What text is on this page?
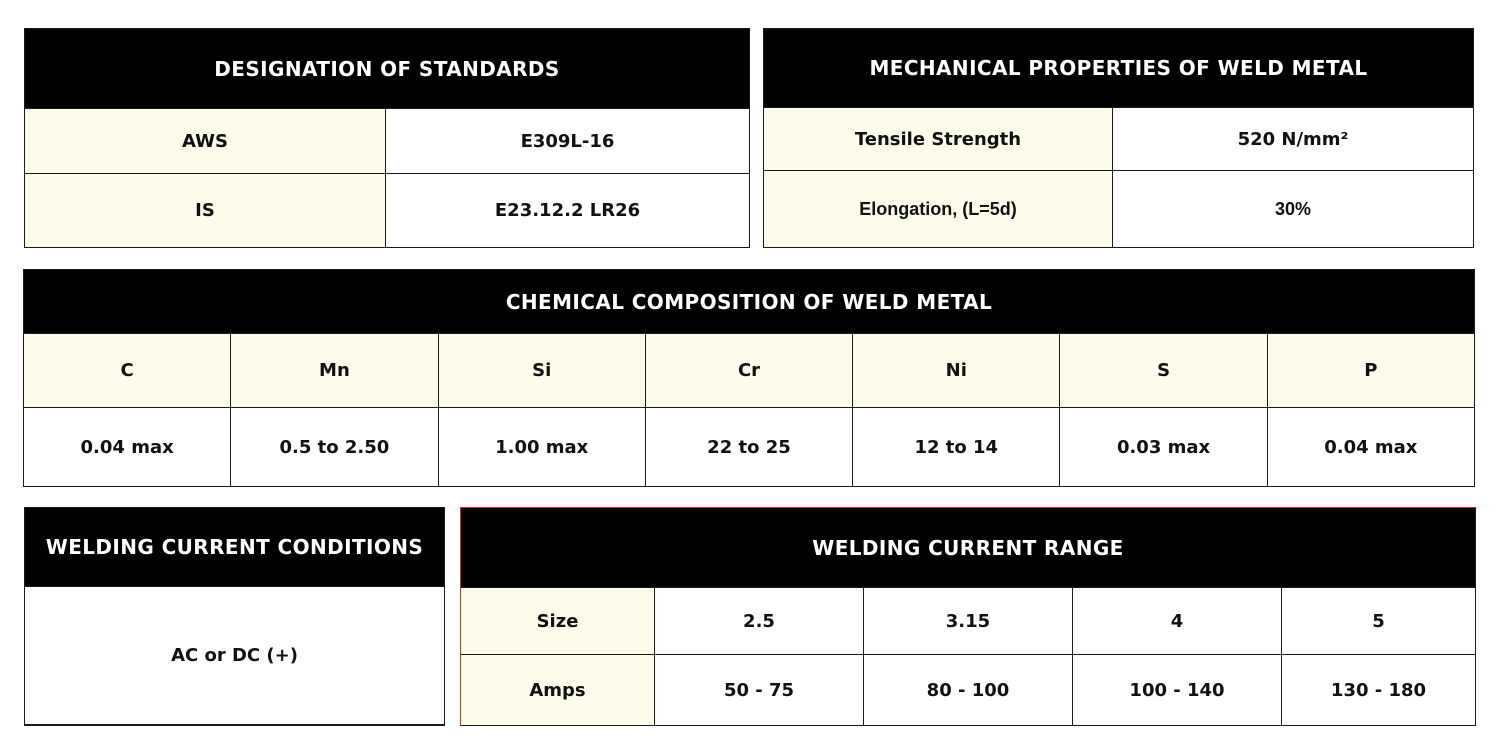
DESIGNATION OF STANDARDS
AWS	E309L-16
IS	E23.12.2 LR26
MECHANICAL PROPERTIES OF WELD METAL
Tensile Strength	520 N/mm²
Elongation, (L=5d)	30%
CHEMICAL COMPOSITION OF WELD METAL
C	Mn	Si	Cr	Ni	S	P
0.04 max	0.5 to 2.50	1.00 max	22 to 25	12 to 14	0.03 max	0.04 max
WELDING CURRENT CONDITIONS
AC or DC (+)
WELDING CURRENT RANGE
Size	2.5	3.15	4	5
Amps	50 - 75	80 - 100	100 - 140	130 - 180
